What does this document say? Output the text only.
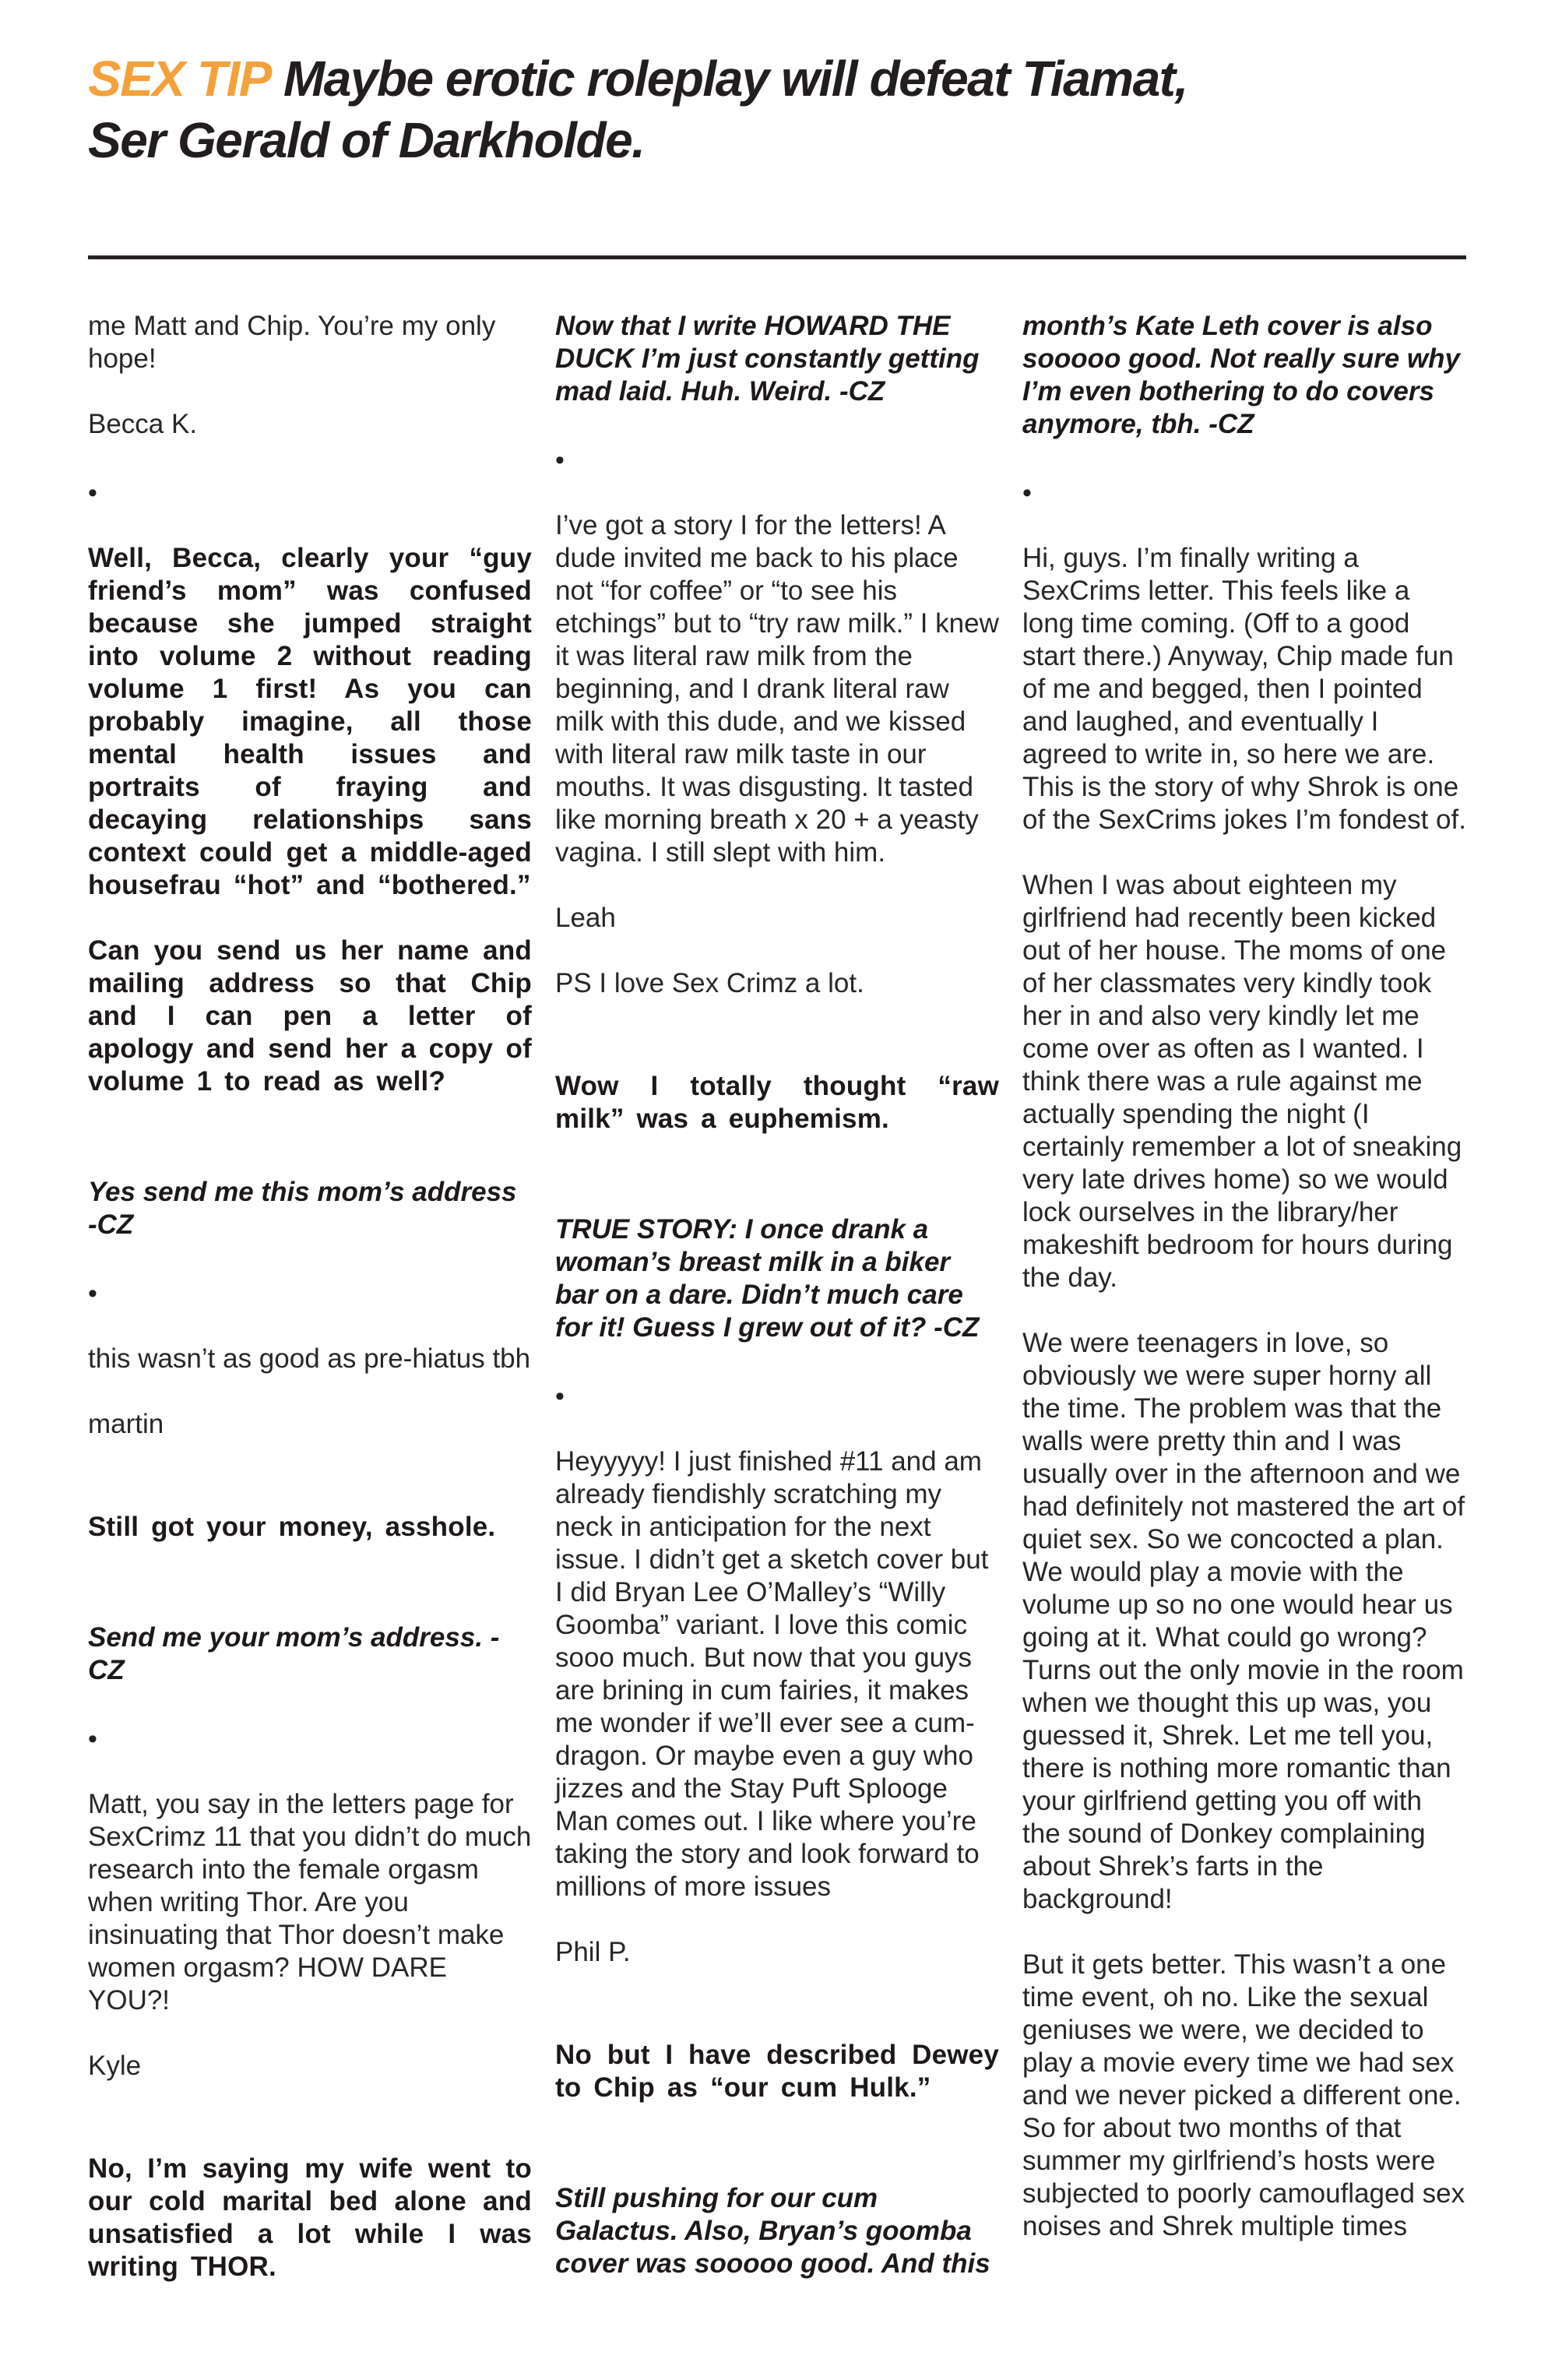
SEX TIP Maybe erotic roleplay will defeat Tiamat,
Ser Gerald of Darkholde.

me Matt and Chip. You’re my only hope!

Becca K.

•

Well, Becca, clearly your “guy friend’s mom” was confused because she jumped straight into volume 2 without reading volume 1 first! As you can probably imagine, all those mental health issues and portraits of fraying and decaying relationships sans context could get a middle-aged housefrau “hot” and “bothered.”

Can you send us her name and mailing address so that Chip and I can pen a letter of apology and send her a copy of volume 1 to read as well?

Yes send me this mom’s address -CZ

•

this wasn’t as good as pre-hiatus tbh

martin

Still got your money, asshole.

Send me your mom’s address. -CZ

•

Matt, you say in the letters page for SexCrimz 11 that you didn’t do much research into the female orgasm when writing Thor. Are you insinuating that Thor doesn’t make women orgasm? HOW DARE YOU?!

Kyle

No, I’m saying my wife went to our cold marital bed alone and unsatisfied a lot while I was writing THOR.

Now that I write HOWARD THE DUCK I’m just constantly getting mad laid. Huh. Weird. -CZ

•

I’ve got a story I for the letters! A dude invited me back to his place not “for coffee” or “to see his etchings” but to “try raw milk.” I knew it was literal raw milk from the beginning, and I drank literal raw milk with this dude, and we kissed with literal raw milk taste in our mouths. It was disgusting. It tasted like morning breath x 20 + a yeasty vagina. I still slept with him.

Leah

PS I love Sex Crimz a lot.

Wow I totally thought “raw milk” was a euphemism.

TRUE STORY: I once drank a woman’s breast milk in a biker bar on a dare. Didn’t much care for it! Guess I grew out of it? -CZ

•

Heyyyyy! I just finished #11 and am already fiendishly scratching my neck in anticipation for the next issue. I didn’t get a sketch cover but I did Bryan Lee O’Malley’s “Willy Goomba” variant. I love this comic sooo much. But now that you guys are brining in cum fairies, it makes me wonder if we’ll ever see a cum-dragon. Or maybe even a guy who jizzes and the Stay Puft Splooge Man comes out. I like where you’re taking the story and look forward to millions of more issues

Phil P.

No but I have described Dewey to Chip as “our cum Hulk.”

Still pushing for our cum Galactus. Also, Bryan’s goomba cover was sooooo good. And this

month’s Kate Leth cover is also sooooo good. Not really sure why I’m even bothering to do covers anymore, tbh. -CZ

•

Hi, guys. I’m finally writing a SexCrims letter. This feels like a long time coming. (Off to a good start there.) Anyway, Chip made fun of me and begged, then I pointed and laughed, and eventually I agreed to write in, so here we are. This is the story of why Shrok is one of the SexCrims jokes I’m fondest of.

When I was about eighteen my girlfriend had recently been kicked out of her house. The moms of one of her classmates very kindly took her in and also very kindly let me come over as often as I wanted. I think there was a rule against me actually spending the night (I certainly remember a lot of sneaking very late drives home) so we would lock ourselves in the library/her makeshift bedroom for hours during the day.

We were teenagers in love, so obviously we were super horny all the time. The problem was that the walls were pretty thin and I was usually over in the afternoon and we had definitely not mastered the art of quiet sex. So we concocted a plan. We would play a movie with the volume up so no one would hear us going at it. What could go wrong? Turns out the only movie in the room when we thought this up was, you guessed it, Shrek. Let me tell you, there is nothing more romantic than your girlfriend getting you off with the sound of Donkey complaining about Shrek’s farts in the background!

But it gets better. This wasn’t a one time event, oh no. Like the sexual geniuses we were, we decided to play a movie every time we had sex and we never picked a different one. So for about two months of that summer my girlfriend’s hosts were subjected to poorly camouflaged sex noises and Shrek multiple times
